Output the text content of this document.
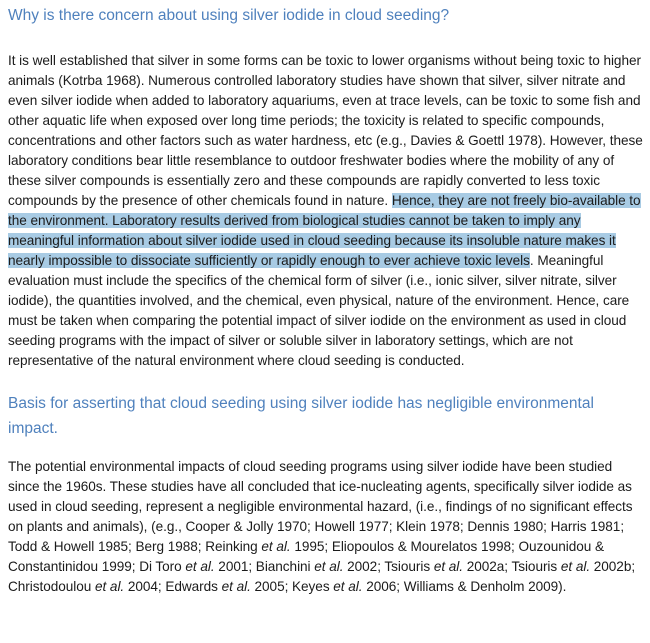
Why is there concern about using silver iodide in cloud seeding?

It is well established that silver in some forms can be toxic to lower organisms without being toxic to higher animals (Kotrba 1968). Numerous controlled laboratory studies have shown that silver, silver nitrate and even silver iodide when added to laboratory aquariums, even at trace levels, can be toxic to some fish and other aquatic life when exposed over long time periods; the toxicity is related to specific compounds, concentrations and other factors such as water hardness, etc (e.g., Davies & Goettl 1978). However, these laboratory conditions bear little resemblance to outdoor freshwater bodies where the mobility of any of these silver compounds is essentially zero and these compounds are rapidly converted to less toxic compounds by the presence of other chemicals found in nature. Hence, they are not freely bio-available to the environment. Laboratory results derived from biological studies cannot be taken to imply any meaningful information about silver iodide used in cloud seeding because its insoluble nature makes it nearly impossible to dissociate sufficiently or rapidly enough to ever achieve toxic levels. Meaningful evaluation must include the specifics of the chemical form of silver (i.e., ionic silver, silver nitrate, silver iodide), the quantities involved, and the chemical, even physical, nature of the environment. Hence, care must be taken when comparing the potential impact of silver iodide on the environment as used in cloud seeding programs with the impact of silver or soluble silver in laboratory settings, which are not representative of the natural environment where cloud seeding is conducted.

Basis for asserting that cloud seeding using silver iodide has negligible environmental impact.

The potential environmental impacts of cloud seeding programs using silver iodide have been studied since the 1960s. These studies have all concluded that ice-nucleating agents, specifically silver iodide as used in cloud seeding, represent a negligible environmental hazard, (i.e., findings of no significant effects on plants and animals), (e.g., Cooper & Jolly 1970; Howell 1977; Klein 1978; Dennis 1980; Harris 1981; Todd & Howell 1985; Berg 1988; Reinking et al. 1995; Eliopoulos & Mourelatos 1998; Ouzounidou & Constantinidou 1999; Di Toro et al. 2001; Bianchini et al. 2002; Tsiouris et al. 2002a; Tsiouris et al. 2002b; Christodoulou et al. 2004; Edwards et al. 2005; Keyes et al. 2006; Williams & Denholm 2009).
